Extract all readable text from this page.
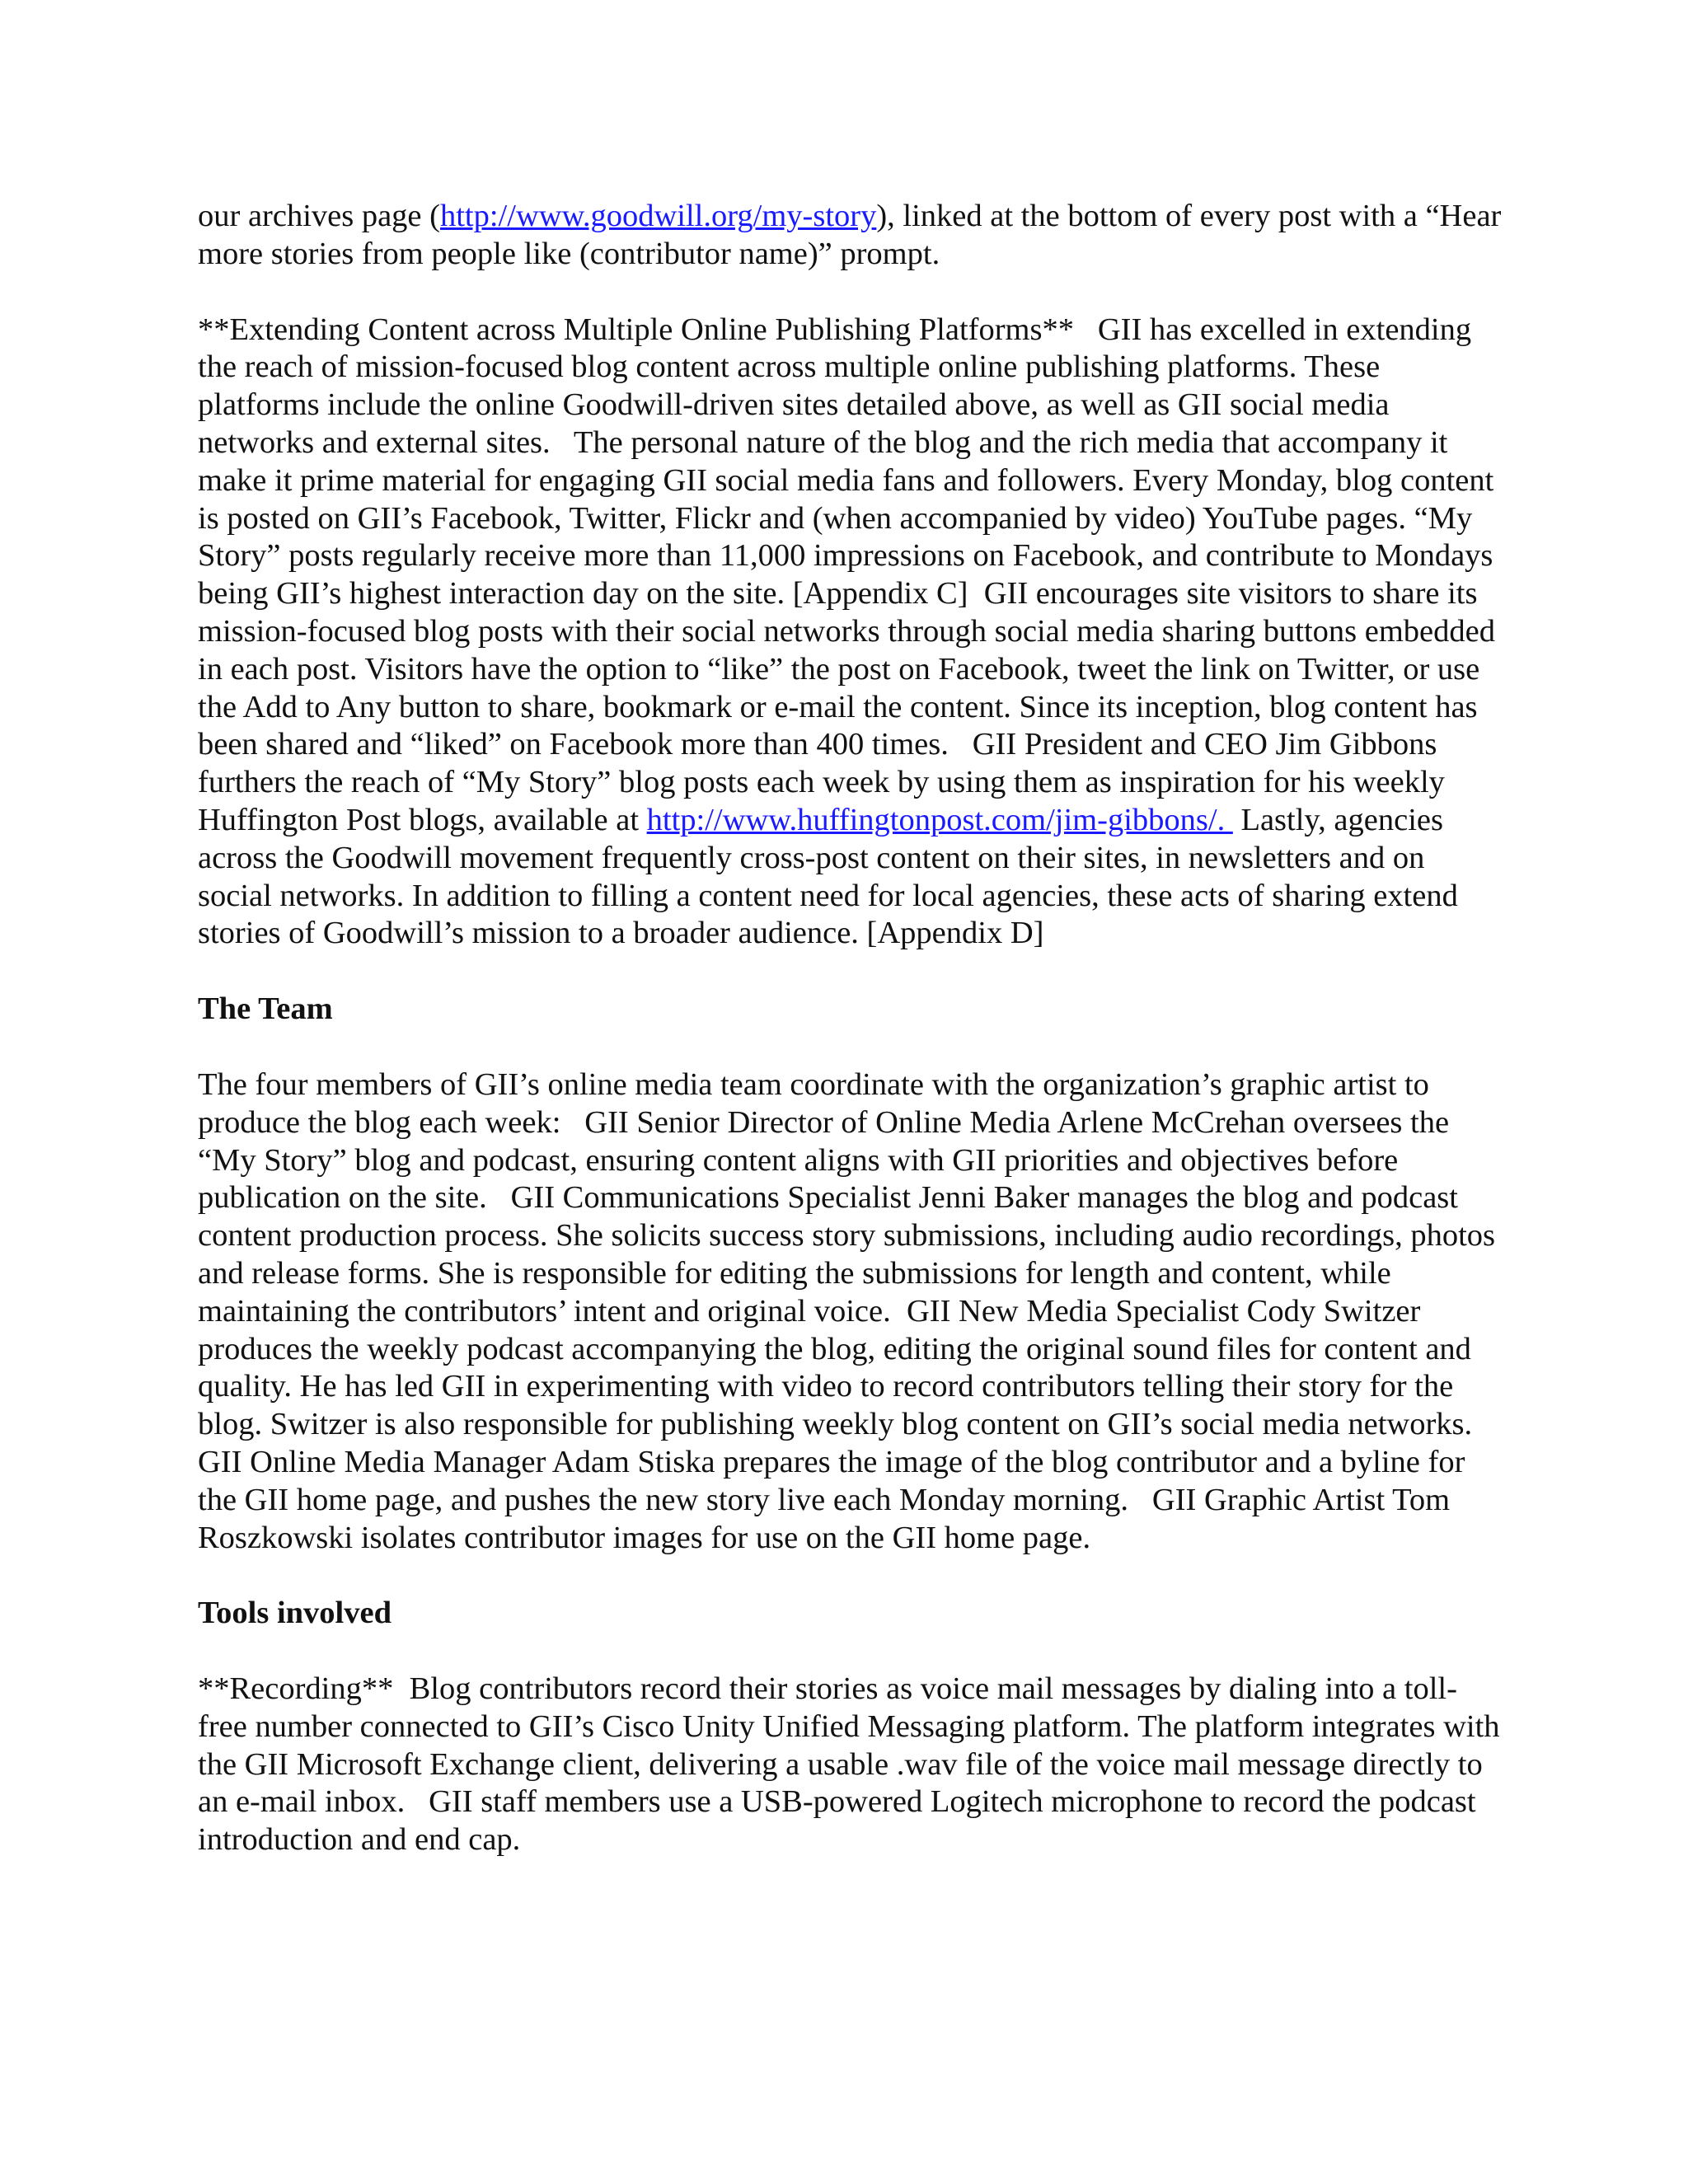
our archives page (http://www.goodwill.org/my-story), linked at the bottom of every post with a “Hear more stories from people like (contributor name)” prompt.

**Extending Content across Multiple Online Publishing Platforms**   GII has excelled in extending the reach of mission-focused blog content across multiple online publishing platforms. These platforms include the online Goodwill-driven sites detailed above, as well as GII social media networks and external sites.   The personal nature of the blog and the rich media that accompany it make it prime material for engaging GII social media fans and followers. Every Monday, blog content is posted on GII’s Facebook, Twitter, Flickr and (when accompanied by video) YouTube pages. “My Story” posts regularly receive more than 11,000 impressions on Facebook, and contribute to Mondays being GII’s highest interaction day on the site. [Appendix C]  GII encourages site visitors to share its mission-focused blog posts with their social networks through social media sharing buttons embedded in each post. Visitors have the option to “like” the post on Facebook, tweet the link on Twitter, or use the Add to Any button to share, bookmark or e-mail the content. Since its inception, blog content has been shared and “liked” on Facebook more than 400 times.   GII President and CEO Jim Gibbons furthers the reach of “My Story” blog posts each week by using them as inspiration for his weekly Huffington Post blogs, available at http://www.huffingtonpost.com/jim-gibbons/.  Lastly, agencies across the Goodwill movement frequently cross-post content on their sites, in newsletters and on social networks. In addition to filling a content need for local agencies, these acts of sharing extend stories of Goodwill’s mission to a broader audience. [Appendix D]

The Team

The four members of GII’s online media team coordinate with the organization’s graphic artist to produce the blog each week:   GII Senior Director of Online Media Arlene McCrehan oversees the “My Story” blog and podcast, ensuring content aligns with GII priorities and objectives before publication on the site.   GII Communications Specialist Jenni Baker manages the blog and podcast content production process. She solicits success story submissions, including audio recordings, photos and release forms. She is responsible for editing the submissions for length and content, while maintaining the contributors’ intent and original voice.  GII New Media Specialist Cody Switzer produces the weekly podcast accompanying the blog, editing the original sound files for content and quality. He has led GII in experimenting with video to record contributors telling their story for the blog. Switzer is also responsible for publishing weekly blog content on GII’s social media networks.  GII Online Media Manager Adam Stiska prepares the image of the blog contributor and a byline for the GII home page, and pushes the new story live each Monday morning.   GII Graphic Artist Tom Roszkowski isolates contributor images for use on the GII home page.

Tools involved

**Recording**  Blog contributors record their stories as voice mail messages by dialing into a toll-free number connected to GII’s Cisco Unity Unified Messaging platform. The platform integrates with the GII Microsoft Exchange client, delivering a usable .wav file of the voice mail message directly to an e-mail inbox.   GII staff members use a USB-powered Logitech microphone to record the podcast introduction and end cap.
